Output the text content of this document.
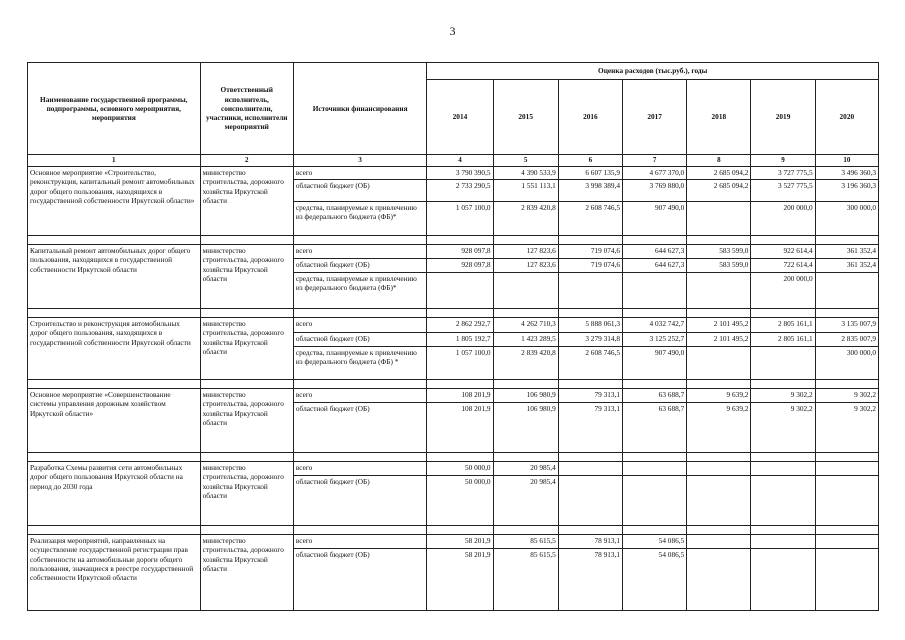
3
Наименование государственной программы, подпрограммы, основного мероприятия, мероприятия	Ответственный исполнитель, соисполнители, участники, исполнители мероприятий	Источники финансирования	Оценка расходов (тыс.руб.), годы						
			2014	2015	2016	2017	2018	2019	2020
1	2	3	4	5	6	7	8	9	10
Основное мероприятие «Строительство, реконструкция, капитальный ремонт автомобильных дорог общего пользования, находящихся в государственной собственности Иркутской области»	министерство строительства, дорожного хозяйства Иркутской области	всего	3 790 390,5	4 390 533,9	6 607 135,9	4 677 370,0	2 685 094,2	3 727 775,5	3 496 360,3
		областной бюджет (ОБ)	2 733 290,5	1 551 113,1	3 998 389,4	3 769 880,0	2 685 094,2	3 527 775,5	3 196 360,3
		средства, планируемые к привлечению из федерального бюджета (ФБ)*	1 057 100,0	2 839 420,8	2 608 746,5	907 490,0		200 000,0	300 000,0

Капитальный ремонт автомобильных дорог общего пользования, находящихся в государственной собственности Иркутской области	министерство строительства, дорожного хозяйства Иркутской области	всего	928 097,8	127 823,6	719 074,6	644 627,3	583 599,0	922 614,4	361 352,4
		областной бюджет (ОБ)	928 097,8	127 823,6	719 074,6	644 627,3	583 599,0	722 614,4	361 352,4
		средства, планируемые к привлечению из федерального бюджета (ФБ)*						200 000,0	

Строительство и реконструкция автомобильных дорог общего пользования, находящихся в государственной собственности Иркутской области	министерство строительства, дорожного хозяйства Иркутской области	всего	2 862 292,7	4 262 710,3	5 888 061,3	4 032 742,7	2 101 495,2	2 805 161,1	3 135 007,9
		областной бюджет (ОБ)	1 805 192,7	1 423 289,5	3 279 314,8	3 125 252,7	2 101 495,2	2 805 161,1	2 835 007,9
		средства, планируемые к привлечению из федерального бюджета (ФБ) *	1 057 100,0	2 839 420,8	2 608 746,5	907 490,0			300 000,0

Основное мероприятие «Совершенствование системы управления дорожным хозяйством Иркутской области»	министерство строительства, дорожного хозяйства Иркутской области	всего	108 201,9	106 980,9	79 313,1	63 688,7	9 639,2	9 302,2	9 302,2
		областной бюджет (ОБ)	108 201,9	106 980,9	79 313,1	63 688,7	9 639,2	9 302,2	9 302,2

Разработка Схемы развития сети автомобильных дорог общего пользования Иркутской области на период до 2030 года	министерство строительства, дорожного хозяйства Иркутской области	всего	50 000,0	20 985,4					
		областной бюджет (ОБ)	50 000,0	20 985,4					

Реализация мероприятий, направленных на осуществление государственной регистрации прав собственности на автомобильные дороги общего пользования, значащиеся в реестре государственной собственности Иркутской области	министерство строительства, дорожного хозяйства Иркутской области	всего	58 201,9	85 615,5	78 913,1	54 086,5			
		областной бюджет (ОБ)	58 201,9	85 615,5	78 913,1	54 086,5			
